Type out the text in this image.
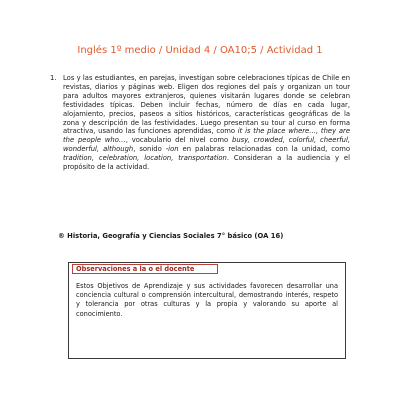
Inglés 1º medio / Unidad 4 / OA10;5 / Actividad 1
1. Los y las estudiantes, en parejas, investigan sobre celebraciones típicas de Chile en revistas, diarios y páginas web. Eligen dos regiones del país y organizan un tour para adultos mayores extranjeros, quienes visitarán lugares donde se celebran festividades típicas. Deben incluir fechas, número de días en cada lugar, alojamiento, precios, paseos a sitios históricos, características geográficas de la zona y descripción de las festividades. Luego presentan su tour al curso en forma atractiva, usando las funciones aprendidas, como it is the place where…, they are the people who…, vocabulario del nivel como busy, crowded, colorful, cheerful, wonderful, although, sonido -ion en palabras relacionadas con la unidad, como tradition, celebration, location, transportation. Consideran a la audiencia y el propósito de la actividad.
® Historia, Geografía y Ciencias Sociales 7° básico (OA 16)
Observaciones a la o el docente
Estos Objetivos de Aprendizaje y sus actividades favorecen desarrollar una conciencia cultural o comprensión intercultural, demostrando interés, respeto y tolerancia por otras culturas y la propia y valorando su aporte al conocimiento.
